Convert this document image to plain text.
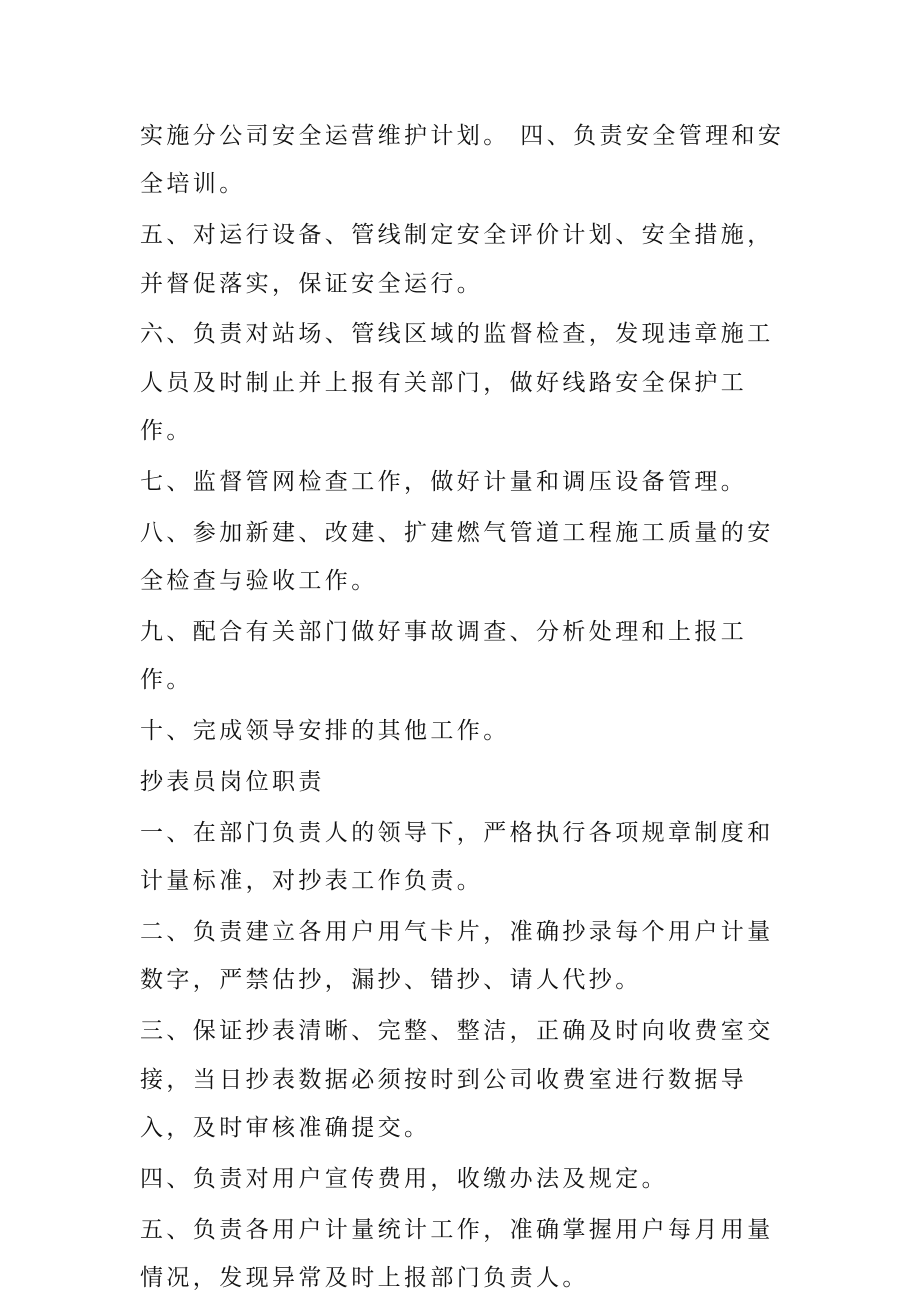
实施分公司安全运营维护计划。 四、负责安全管理和安全培训。

五、对运行设备、管线制定安全评价计划、安全措施，并督促落实，保证安全运行。

六、负责对站场、管线区域的监督检查，发现违章施工人员及时制止并上报有关部门，做好线路安全保护工作。

七、监督管网检查工作，做好计量和调压设备管理。

八、参加新建、改建、扩建燃气管道工程施工质量的安全检查与验收工作。

九、配合有关部门做好事故调查、分析处理和上报工作。

十、完成领导安排的其他工作。

抄表员岗位职责

一、在部门负责人的领导下，严格执行各项规章制度和计量标准，对抄表工作负责。

二、负责建立各用户用气卡片，准确抄录每个用户计量数字，严禁估抄，漏抄、错抄、请人代抄。

三、保证抄表清晰、完整、整洁，正确及时向收费室交接，当日抄表数据必须按时到公司收费室进行数据导入，及时审核准确提交。

四、负责对用户宣传费用，收缴办法及规定。

五、负责各用户计量统计工作，准确掌握用户每月用量情况，发现异常及时上报部门负责人。
